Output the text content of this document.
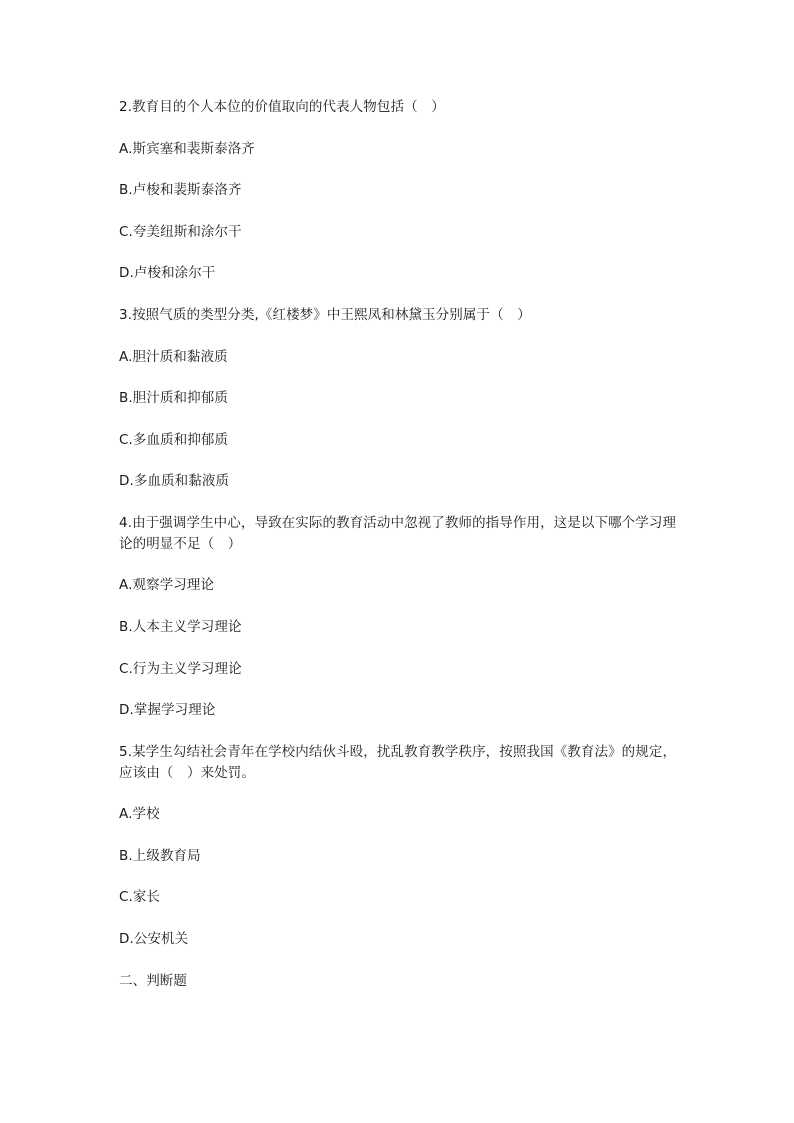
2.教育目的个人本位的价值取向的代表人物包括（　）
A.斯宾塞和裴斯泰洛齐
B.卢梭和裴斯泰洛齐
C.夸美纽斯和涂尔干
D.卢梭和涂尔干
3.按照气质的类型分类,《红楼梦》中王熙凤和林黛玉分别属于（　）
A.胆汁质和黏液质
B.胆汁质和抑郁质
C.多血质和抑郁质
D.多血质和黏液质
4.由于强调学生中心，导致在实际的教育活动中忽视了教师的指导作用，这是以下哪个学习理论的明显不足（　）
A.观察学习理论
B.人本主义学习理论
C.行为主义学习理论
D.掌握学习理论
5.某学生勾结社会青年在学校内结伙斗殴，扰乱教育教学秩序，按照我国《教育法》的规定，应该由（　）来处罚。
A.学校
B.上级教育局
C.家长
D.公安机关
二、判断题
